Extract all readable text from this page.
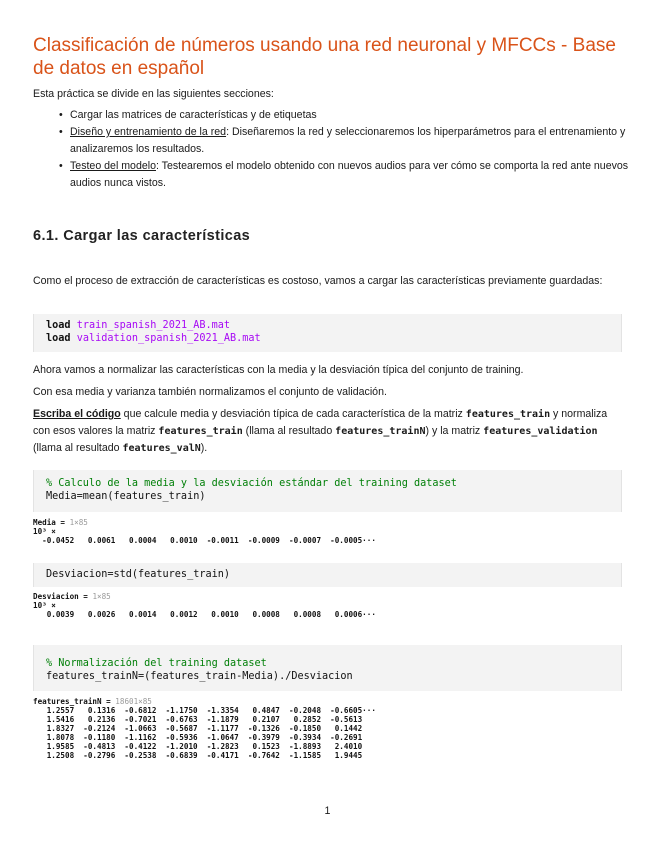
Classificación de números usando una red neuronal y MFCCs - Base de datos en español

Esta práctica se divide en las siguientes secciones:

• Cargar las matrices de características y de etiquetas
• Diseño y entrenamiento de la red: Diseñaremos la red y seleccionaremos los hiperparámetros para el entrenamiento y analizaremos los resultados.
• Testeo del modelo: Testearemos el modelo obtenido con nuevos audios para ver cómo se comporta la red ante nuevos audios nunca vistos.
6.1. Cargar las características

Como el proceso de extracción de características es costoso, vamos a cargar las características previamente guardadas:

load train_spanish_2021_AB.mat
load validation_spanish_2021_AB.mat

Ahora vamos a normalizar las características con la media y la desviación típica del conjunto de training.

Con esa media y varianza también normalizamos el conjunto de validación.

Escriba el código que calcule media y desviación típica de cada característica de la matriz features_train y normaliza con esos valores la matriz features_train (llama al resultado features_trainN) y la matriz features_validation (llama al resultado features_valN).

% Calculo de la media y la desviación estándar del training dataset
Media=mean(features_train)
Media = 1×85
10³ ×
-0.0452   0.0061   0.0004   0.0010  -0.0011  -0.0009  -0.0007  -0.0005···
Desviacion=std(features_train)
Desviacion = 1×85
10³ ×
0.0039   0.0026   0.0014   0.0012   0.0010   0.0008   0.0008   0.0006···
% Normalización del training dataset
features_trainN=(features_train-Media)./Desviacion
features_trainN = 18601×85
1.2557   0.1316  -0.6812  -1.1750  -1.3354   0.4847  -0.2048  -0.6605···
1.5416   0.2136  -0.7021  -0.6763  -1.1879   0.2107   0.2852  -0.5613
1.8327  -0.2124  -1.0663  -0.5687  -1.1177  -0.1326  -0.1850   0.1442
1.8078  -0.1180  -1.1162  -0.5936  -1.0647  -0.3979  -0.3934  -0.2691
1.9585  -0.4813  -0.4122  -1.2010  -1.2823   0.1523  -1.8893   2.4010
1.2508  -0.2796  -0.2538  -0.6839  -0.4171  -0.7642  -1.1585   1.9445
1
